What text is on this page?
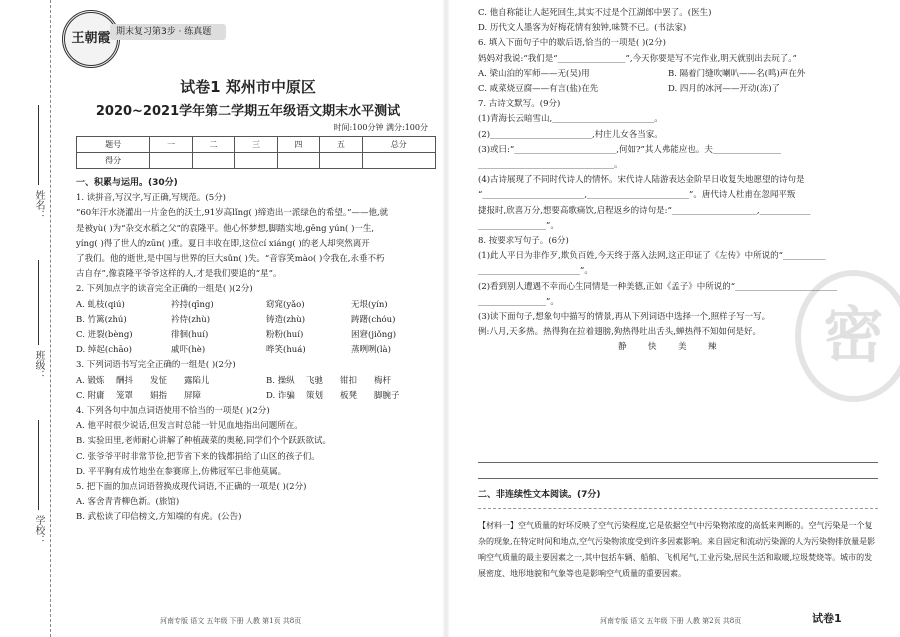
姓名：
班级：
学校：
王朝霞 期末复习第3步 · 练真题
试卷1 郑州市中原区
2020~2021学年第二学期五年级语文期末水平测试
时间:100分钟 满分:100分
题号	一	二	三	四	五	总分
得分						

一、积累与运用。(30分)

1. 读拼音,写汉字,写正确,写规范。(5分)

“60年汗水浇灌出一片金色的沃土,91岁高lǐng( )缔造出一派绿色的希望。”——他,就

是被yù( )为“杂交水稻之父”的袁隆平。他心怀梦想,脚踏实地,gēng yún( )一生,

yíng( )得了世人的zūn( )重。夏日丰收在即,这位cí xiáng( )的老人却突然离开

了我们。他的逝世,是中国与世界的巨大sǔn( )失。“音容笑mào( )令我在,永垂不朽

古自存”,像袁隆平爷爷这样的人,才是我们要追的“星”。

2. 下列加点字的读音完全正确的一组是( )(2分)

A. 虬枝(qiú)	衿持(qīng)	窈窕(yǎo)	无垠(yín)

B. 竹篱(zhú)	衿侍(zhù)	铸造(zhù)	踌躇(chóu)

C. 迸裂(bèng)	徘徊(huí)	粉粉(huí)	困窘(jiǒng)

D. 绰起(chāo)	戚吓(hè)	哗笑(huá)	蒸咧咧(là)

3. 下列词语书写完全正确的一组是( )(2分)

A. 锻炼	酬抖	发怔	露陷儿	B. 操纵	飞驰	钳扣	梅杆

C. 附庸	笼罩	娟指	屏障	D. 诈骗	策划	板凳	脚腕子

4. 下列各句中加点词语使用不恰当的一项是( )(2分)

A. 他平时很少说话,但发言时总能一针见血地指出问题所在。

B. 实验田里,老师耐心讲解了种植蔬菜的奥秘,同学们个个跃跃欲试。

C. 张爷爷平时非常节俭,把节省下来的钱都捐给了山区的孩子们。

D. 平平胸有成竹地坐在参赛席上,仿佛冠军已非他莫属。

5. 把下面的加点词语替换成现代词语,不正确的一项是( )(2分)

A. 客舍青青柳色新。(旅馆)

B. 武松读了印信榜文,方知端的有虎。(公告)

河南专版 语文 五年级 下册 人教 第1页 共8页
密

C. 他自称能让人起死回生,其实不过是个江湖郎中罢了。(医生)

D. 历代文人墨客为好梅花情有独钟,味赞不已。(书法家)

6. 填入下面句子中的歇后语,恰当的一项是( )(2分)

妈妈对我说:“我们是“________________”,今天你要是写不完作业,明天就别出去玩了。”

A. 梁山泊的军师——无(吴)用	B. 隔着门缝吹喇叭——名(鸣)声在外

C. 咸菜烧豆腐——有言(盐)在先	D. 四月的冰河——开动(冻)了

7. 古诗文默写。(9分)

(1)青海长云暗雪山,________________________。

(2)________________________,村庄儿女各当家。

(3)或曰:“________________________,何如?”其人弗能应也。夫________________

________________________________。

(4)古诗展现了不同时代诗人的情怀。宋代诗人陆游表达金阶早日收复失地愿望的诗句是

“________________________,________________________”。唐代诗人杜甫在忽闻平叛

捷报时,欣喜万分,想要高歌痛饮,启程返乡的诗句是:“____________________,____________

________________”。

8. 按要求写句子。(6分)

(1)此人平日为非作歹,欺负百姓,今天终于落入法网,这正印证了《左传》中所说的“__________

________________________”。

(2)看到别人遭遇不幸而心生同情是一种美德,正如《孟子》中所说的“________________________

________________”。

(3)读下面句子,想象句中描写的情景,再从下列词语中选择一个,照样子写一写。

例:八月,天多热。热得狗在拉着翅膀,狗热得吐出舌头,蝉热得不知如何是好。

静	快	美	辣

二、非连续性文本阅读。(7分)

【材料一】空气质量的好坏反映了空气污染程度,它是依据空气中污染物浓度的高低来判断的。空气污染是一个复杂的现象,在特定时间和地点,空气污染物浓度受到许多因素影响。来自固定和流动污染源的人为污染物排放量是影响空气质量的最主要因素之一,其中包括车辆、船舶、飞机尾气,工业污染,居民生活和取暖,垃圾焚烧等。城市的发展密度、地形地貌和气象等也是影响空气质量的重要因素。
河南专版 语文 五年级 下册 人教 第2页 共8页	试卷1
